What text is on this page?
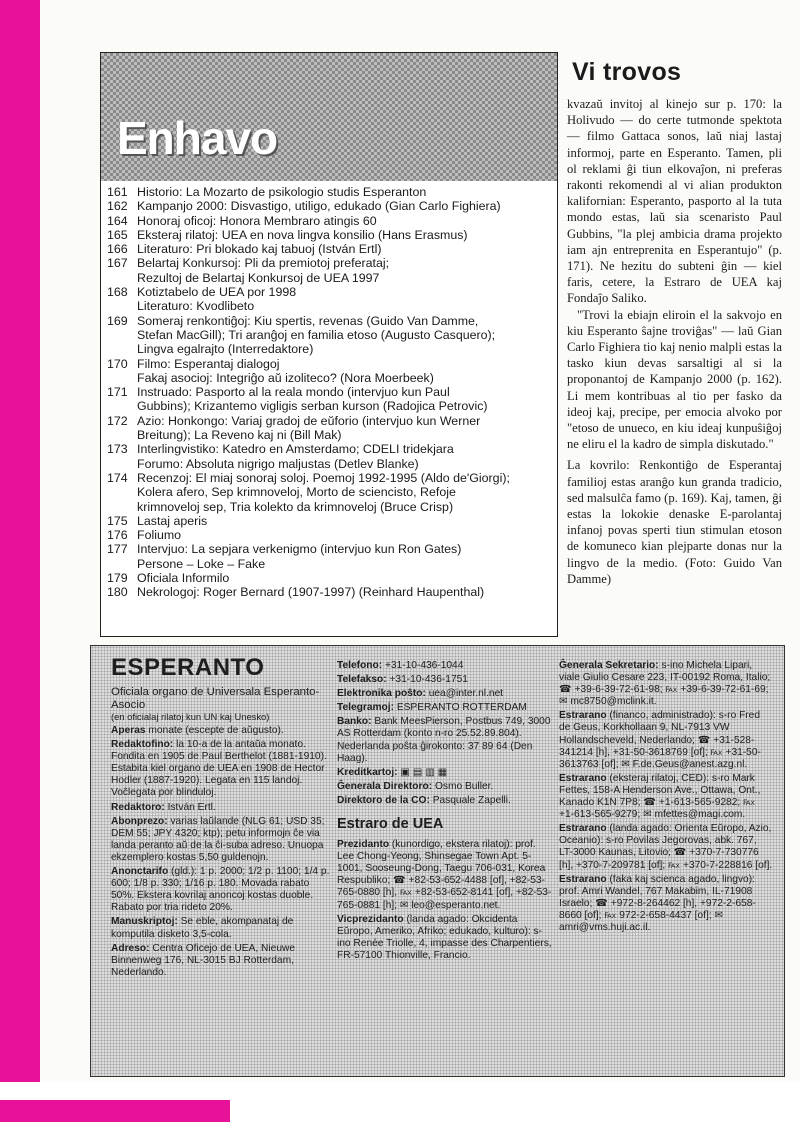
Enhavo
161 Historio: La Mozarto de psikologio studis Esperanton
162 Kampanjo 2000: Disvastigo, utiligo, edukado (Gian Carlo Fighiera)
164 Honoraj oficoj: Honora Membraro atingis 60
165 Eksteraj rilatoj: UEA en nova lingva konsilio (Hans Erasmus)
166 Literaturo: Pri blokado kaj tabuoj (István Ertl)
167 Belartaj Konkursoj: Pli da premiotoj preferataj;
Rezultoj de Belartaj Konkursoj de UEA 1997
168 Kotiztabelo de UEA por 1998
Literaturo: Kvodlibeto
169 Someraj renkontiĝoj: Kiu spertis, revenas (Guido Van Damme,
Stefan MacGill); Tri aranĝoj en familia etoso (Augusto Casquero);
Lingva egalrajto (Interredaktore)
170 Filmo: Esperantaj dialogoj
Fakaj asocioj: Integriĝo aŭ izoliteco? (Nora Moerbeek)
171 Instruado: Pasporto al la reala mondo (intervjuo kun Paul
Gubbins); Krizantemo vigligis serban kurson (Radojica Petrovic)
172 Azio: Honkongo: Variaj gradoj de eŭforio (intervjuo kun Werner
Breitung); La Reveno kaj ni (Bill Mak)
173 Interlingvistiko: Katedro en Amsterdamo; CDELI tridekjara
Forumo: Absoluta nigrigo maljustas (Detlev Blanke)
174 Recenzoj: El miaj sonoraj soloj. Poemoj 1992-1995 (Aldo de'Giorgi);
Kolera afero, Sep krimnoveloj, Morto de sciencisto, Refoje
krimnoveloj sep, Tria kolekto da krimnoveloj (Bruce Crisp)
175 Lastaj aperis
176 Foliumo
177 Intervjuo: La sepjara verkenigmo (intervjuo kun Ron Gates)
Persone – Loke – Fake
179 Oficiala Informilo
180 Nekrologoj: Roger Bernard (1907-1997) (Reinhard Haupenthal)
Vi trovos

kvazaŭ invitoj al kinejo sur p. 170: la Holivudo — do certe tutmonde spektota — filmo Gattaca sonos, laŭ niaj lastaj informoj, parte en Esperanto. Tamen, pli ol reklami ĝi tiun elkovaĵon, ni preferas rakonti rekomendi al vi alian produkton kalifornian: Esperanto, pasporto al la tuta mondo estas, laŭ sia scenaristo Paul Gubbins, "la plej ambicia drama projekto iam ajn entreprenita en Esperantujo" (p. 171). Ne hezitu do subteni ĝin — kiel faris, cetere, la Estraro de UEA kaj Fondaĵo Saliko.

"Trovi la ebiajn eliroin el la sakvojo en kiu Esperanto ŝajne troviĝas" — laŭ Gian Carlo Fighiera tio kaj nenio malpli estas la tasko kiun devas sarsaltigi al si la proponantoj de Kampanjo 2000 (p. 162). Li mem kontribuas al tio per fasko da ideoj kaj, precipe, per emocia alvoko por "etoso de unueco, en kiu ideaj kunpuŝiĝoj ne eliru el la kadro de simpla diskutado."

La kovrilo: Renkontiĝo de Esperantaj familioj estas aranĝo kun granda tradicio, sed malsulĉa famo (p. 169). Kaj, tamen, ĝi estas la lokokie denaske E-parolantaj infanoj povas sperti tiun stimulan etoson de komuneco kian plejparte donas nur la lingvo de la medio. (Foto: Guido Van Damme)

ESPERANTO
Oficiala organo de Universala Esperanto-Asocio
(en oficialaj rilatoj kun UN kaj Unesko)
Aperas monate (escepte de aŭgusto).
Redaktofino: la 10-a de la antaŭa monato. Fondita en 1905 de Paul Berthelot (1881-1910). Estabita kiel organo de UEA en 1908 de Hector Hodler (1887-1920). Legata en 115 landoj. Voĉlegata por blinduloj.
Redaktoro: István Ertl.
Abonprezo: varias laŭlande (NLG 61; USD 35; DEM 55; JPY 4320; ktp); petu informojn ĉe via landa peranto aŭ de la ĉi-suba adreso. Unuopa ekzemplero kostas 5,50 guldenojn.
Anonctarifo (gld.): 1 p. 2000; 1/2 p. 1100; 1/4 p. 600; 1/8 p. 330; 1/16 p. 180. Movada rabato 50%. Ekstera kovrilaj anoncoj kostas duoble. Rabato por tria rideto 20%.
Manuskriptoj: Se eble, akompanataj de komputila disketo 3,5-cola.
Adreso: Centra Oficejo de UEA, Nieuwe Binnenweg 176, NL-3015 BJ Rotterdam, Nederlando.
Telefono: +31-10-436-1044
Telefakso: +31-10-436-1751
Elektronika poŝto: uea@inter.nl.net
Telegramoj: ESPERANTO ROTTERDAM
Banko: Bank MeesPierson, Postbus 749, 3000 AS Rotterdam (konto n-ro 25.52.89.804). Nederlanda poŝta ĝirokonto: 37 89 64 (Den Haag).
Kreditkartoj: ▣ ▤ ▥ ▦
Ĝenerala Direktoro: Osmo Buller.
Direktoro de la CO: Pasquale Zapelli.
Estraro de UEA
Prezidanto (kunordigo, ekstera rilatoj): prof. Lee Chong-Yeong, Shinsegae Town Apt. 5-1001, Sooseung-Dong, Taegu 706-031, Korea Respubliko; ☎ +82-53-652-4488 [of], +82-53-765-0880 [h], ℻ +82-53-652-8141 [of], +82-53-765-0881 [h]; ✉ leo@esperanto.net.
Vicprezidanto (landa agado: Okcidenta Eŭropo, Ameriko, Afriko; edukado, kulturo): s-ino Renée Triolle, 4, impasse des Charpentiers, FR-57100 Thionville, Francio.
Ĝenerala Sekretario: s-ino Michela Lipari, viale Giulio Cesare 223, IT-00192 Roma, Italio; ☎ +39-6-39-72-61-98; ℻ +39-6-39-72-61-69; ✉ mc8750@mclink.it.
Estrarano (financo, administrado): s-ro Fred de Geus, Korkhollaan 9, NL-7913 VW Hollandscheveld, Nederlando; ☎ +31-528-341214 [h], +31-50-3618769 [of]; ℻ +31-50-3613763 [of]; ✉ F.de.Geus@anest.azg.nl.
Estrarano (eksteraj rilatoj, CED): s-ro Mark Fettes, 158-A Henderson Ave., Ottawa, Ont., Kanado K1N 7P8; ☎ +1-613-565-9282; ℻ +1-613-565-9279; ✉ mfettes@magi.com.
Estrarano (landa agado: Orienta Eŭropo, Azio, Oceanio): s-ro Povilas Jegorovas, abk. 767, LT-3000 Kaunas, Litovio; ☎ +370-7-730776 [h], +370-7-209781 [of]; ℻ +370-7-228816 [of].
Estrarano (faka kaj scienca agado, lingvo): prof. Amri Wandel, 767 Makabim, IL-71908 Israelo; ☎ +972-8-264462 [h], +972-2-658-8660 [of]; ℻ 972-2-658-4437 [of]; ✉ amri@vms.huji.ac.il.
